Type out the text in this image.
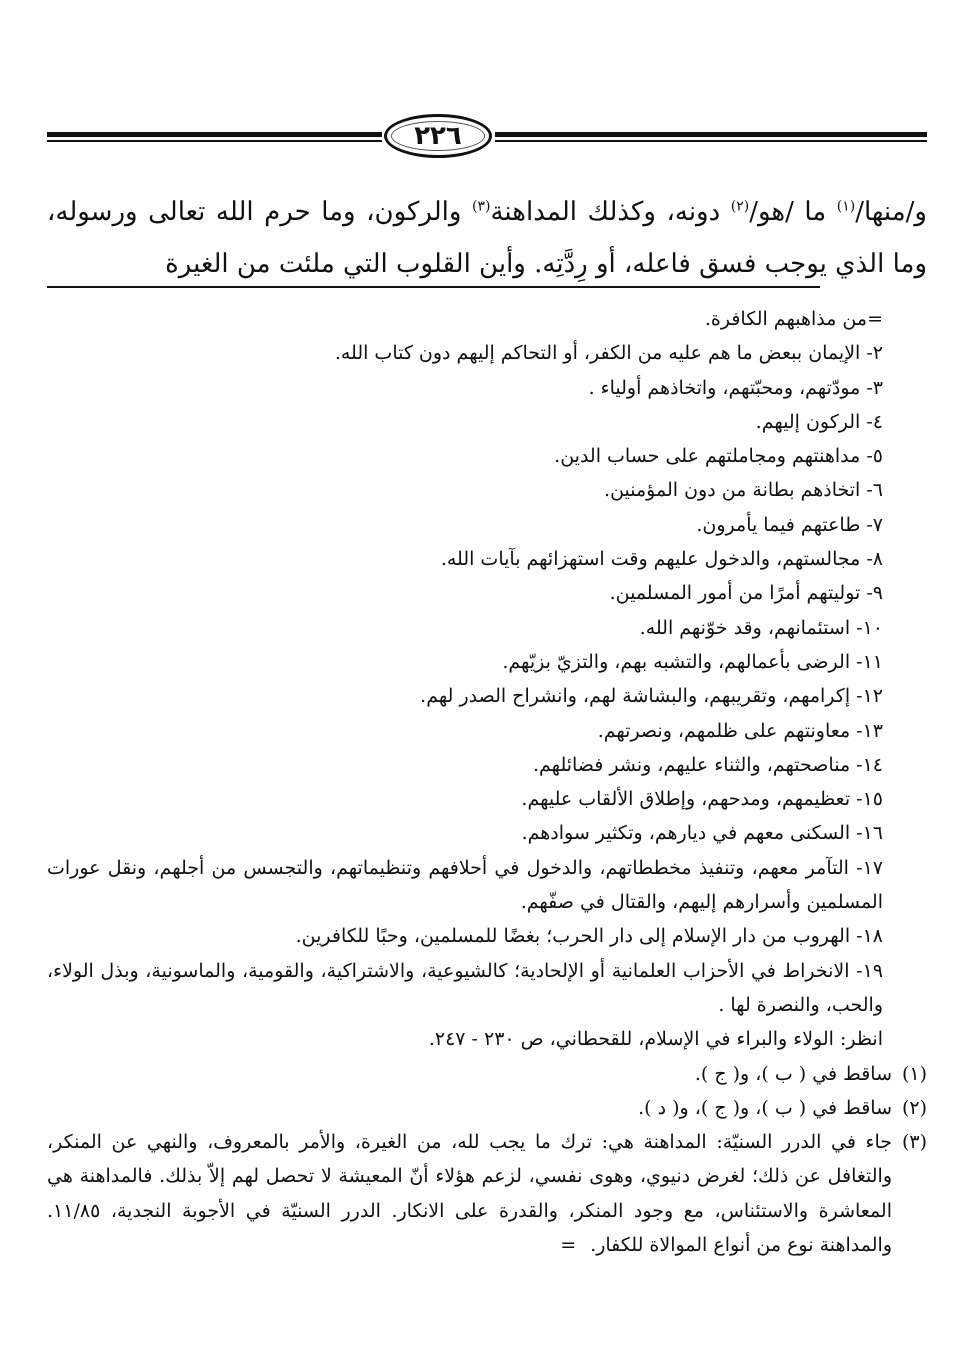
٢٢٦

و/منها/$^{(١)}$ ما /هو/$^{(٢)}$ دونه، وكذلك المداهنة$^{(٣)}$ والركون، وما حرم الله تعالى ورسوله، وما الذي يوجب فسق فاعله، أو رِدَّتِه. وأين القلوب التي ملئت من الغيرة

=من مذاهبهم الكافرة.

٢- الإيمان ببعض ما هم عليه من الكفر، أو التحاكم إليهم دون كتاب الله.

٣- مودّتهم، ومحبّتهم، واتخاذهم أولياء .

٤- الركون إليهم.

٥- مداهنتهم ومجاملتهم على حساب الدين.

٦- اتخاذهم بطانة من دون المؤمنين.

٧- طاعتهم فيما يأمرون.

٨- مجالستهم، والدخول عليهم وقت استهزائهم بآيات الله.

٩- توليتهم أمرًا من أمور المسلمين.

١٠- استئمانهم، وقد خوّنهم الله.

١١- الرضى بأعمالهم، والتشبه بهم، والتزيّ بزيّهم.

١٢- إكرامهم، وتقريبهم، والبشاشة لهم، وانشراح الصدر لهم.

١٣- معاونتهم على ظلمهم، ونصرتهم.

١٤- مناصحتهم، والثناء عليهم، ونشر فضائلهم.

١٥- تعظيمهم، ومدحهم، وإطلاق الألقاب عليهم.

١٦- السكنى معهم في ديارهم، وتكثير سوادهم.

١٧- التآمر معهم، وتنفيذ مخططاتهم، والدخول في أحلافهم وتنظيماتهم، والتجسس من أجلهم، ونقل عورات المسلمين وأسرارهم إليهم، والقتال في صفّهم.

١٨- الهروب من دار الإسلام إلى دار الحرب؛ بغضًا للمسلمين، وحبًا للكافرين.

١٩- الانخراط في الأحزاب العلمانية أو الإلحادية؛ كالشيوعية، والاشتراكية، والقومية، والماسونية، وبذل الولاء، والحب، والنصرة لها .

انظر: الولاء والبراء في الإسلام، للقحطاني، ص ٢٣٠ - ٢٤٧.

(١)ساقط في ( ب )، و( ج ).

(٢)ساقط في ( ب )، و( ج )، و( د ).

(٣)جاء في الدرر السنيّة: المداهنة هي: ترك ما يجب لله، من الغيرة، والأمر بالمعروف، والنهي عن المنكر، والتغافل عن ذلك؛ لغرض دنيوي، وهوى نفسي، لزعم هؤلاء أنّ المعيشة لا تحصل لهم إلاّ بذلك. فالمداهنة هي المعاشرة والاستئناس، مع وجود المنكر، والقدرة على الانكار. الدرر السنيّة في الأجوبة النجدية، ١١/٨٥. والمداهنة نوع من أنواع الموالاة للكفار.=
